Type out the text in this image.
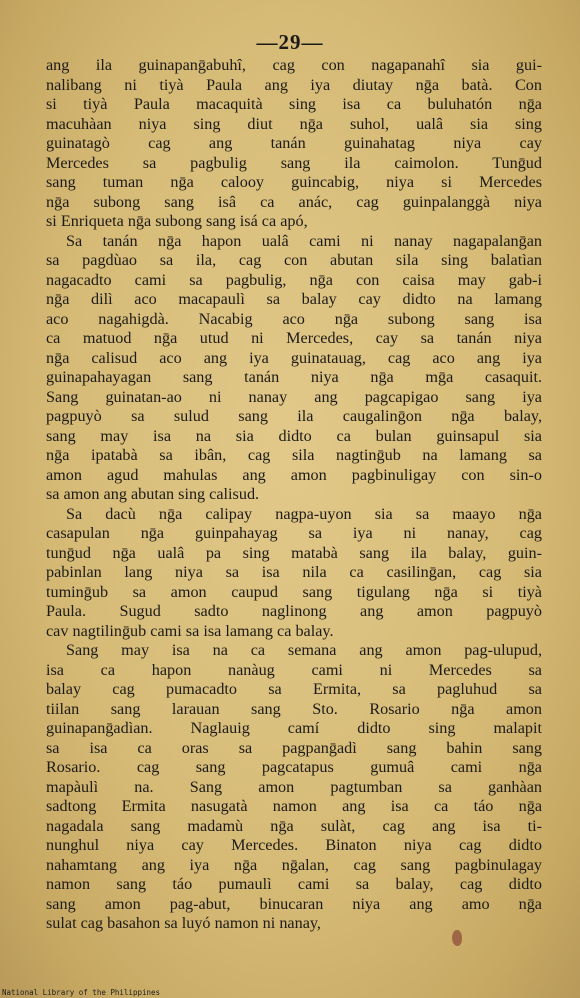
—29—
ang ila guinapanḡabuhî, cag con nagapanahî sia gui-
nalibang ni tiyà Paula ang iya diutay nḡa batà. Con
si tiyà Paula macaquità sing isa ca buluhatón nḡa
macuhàan niya sing diut nḡa suhol, ualâ sia sing
guinatagò cag ang tanán guinahatag niya cay
Mercedes sa pagbulig sang ila caimolon. Tunḡud
sang tuman nḡa calooy guincabig, niya si Mercedes
nḡa subong sang isâ ca anác, cag guinpalanggà niya
si Enriqueta nḡa subong sang isá ca apó,
Sa tanán nḡa hapon ualâ cami ni nanay nagapalanḡan
sa pagdùao sa ila, cag con abutan sila sing balatìan
nagacadto cami sa pagbulig, nḡa con caisa may gab-i
nḡa dilì aco macapaulì sa balay cay didto na lamang
aco nagahigdà. Nacabig aco nḡa subong sang isa
ca matuod nḡa utud ni Mercedes, cay sa tanán niya
nḡa calisud aco ang iya guinatauag, cag aco ang iya
guinapahayagan sang tanán niya nḡa mḡa casaquit.
Sang guinatan-ao ni nanay ang pagcapigao sang iya
pagpuyò sa sulud sang ila caugalinḡon nḡa balay,
sang may isa na sia didto ca bulan guinsapul sia
nḡa ipatabà sa ibân, cag sila nagtinḡub na lamang sa
amon agud mahulas ang amon pagbinuligay con sin-o
sa amon ang abutan sing calisud.
Sa dacù nḡa calipay nagpa-uyon sia sa maayo nḡa
casapulan nḡa guinpahayag sa iya ni nanay, cag
tunḡud nḡa ualâ pa sing matabà sang ila balay, guin-
pabinlan lang niya sa isa nila ca casilinḡan, cag sia
tuminḡub sa amon caupud sang tigulang nḡa si tiyà
Paula. Sugud sadto naglinong ang amon pagpuyò
cav nagtilinḡub cami sa isa lamang ca balay.
Sang may isa na ca semana ang amon pag-ulupud,
isa ca hapon nanàug cami ni Mercedes sa
balay cag pumacadto sa Ermita, sa pagluhud sa
tiilan sang larauan sang Sto. Rosario nḡa amon
guinapanḡadìan. Naglauig camí didto sing malapit
sa isa ca oras sa pagpanḡadì sang bahin sang
Rosario. cag sang pagcatapus gumuâ cami nḡa
mapàulì na. Sang amon pagtumban sa ganhàan
sadtong Ermita nasugatà namon ang isa ca táo nḡa
nagadala sang madamù nḡa sulàt, cag ang isa ti-
nunghul niya cay Mercedes. Binaton niya cag didto
nahamtang ang iya nḡa nḡalan, cag sang pagbinulagay
namon sang táo pumaulì cami sa balay, cag didto
sang amon pag-abut, binucaran niya ang amo nḡa
sulat cag basahon sa luyó namon ni nanay,
National Library of the Philippines
